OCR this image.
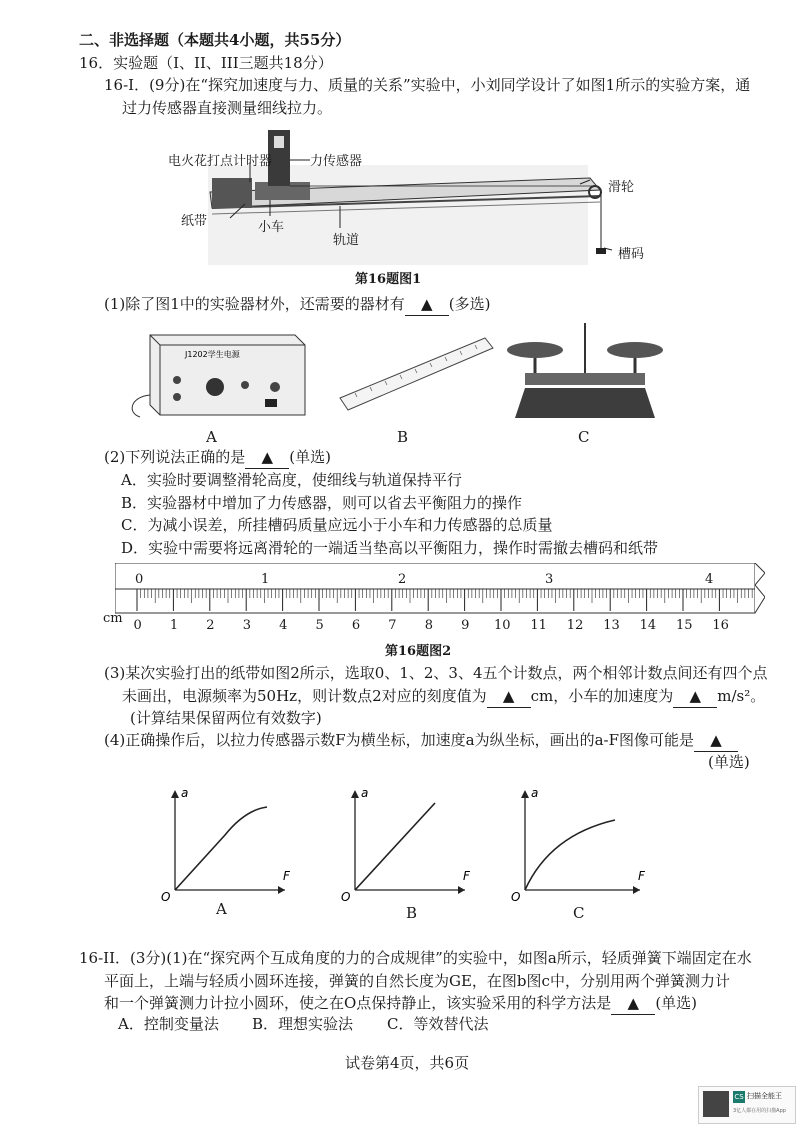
二、非选择题（本题共4小题，共55分）
16．实验题（I、II、III三题共18分）
16-I．(9分)在“探究加速度与力、质量的关系”实验中，小刘同学设计了如图1所示的实验方案，通
过力传感器直接测量细线拉力。
电火花打点计时器	力传感器
滑轮
纸带	小车
轨道
槽码
第16题图1
(1)除了图1中的实验器材外，还需要的器材有 ▲ (多选)
J1202学生电源
A	B	C
(2)下列说法正确的是 ▲ (单选)
A．实验时要调整滑轮高度，使细线与轨道保持平行
B．实验器材中增加了力传感器，则可以省去平衡阻力的操作
C．为减小误差，所挂槽码质量应远小于小车和力传感器的总质量
D．实验中需要将远离滑轮的一端适当垫高以平衡阻力，操作时需撤去槽码和纸带
0	1	2	3	4
cm 0 1 2 3 4 5 6 7 8 9 10 11 12 13 14 15 16
第16题图2
(3)某次实验打出的纸带如图2所示，选取0、1、2、3、4五个计数点，两个相邻计数点间还有四个点
未画出，电源频率为50Hz，则计数点2对应的刻度值为 ▲ cm，小车的加速度为 ▲ m/s²。
(计算结果保留两位有效数字)
(4)正确操作后，以拉力传感器示数F为横坐标，加速度a为纵坐标，画出的a-F图像可能是 ▲
(单选)
a
F
O
a
F
O
a
F
O
A	B	C
16-II．(3分)(1)在“探究两个互成角度的力的合成规律”的实验中，如图a所示，轻质弹簧下端固定在水
平面上，上端与轻质小圆环连接，弹簧的自然长度为GE，在图b图c中，分别用两个弹簧测力计
和一个弹簧测力计拉小圆环，使之在O点保持静止，该实验采用的科学方法是 ▲ (单选)
A．控制变量法 B．理想实验法 C．等效替代法
试卷第4页，共6页
CS 扫描全能王
3亿人都在用的扫描App
